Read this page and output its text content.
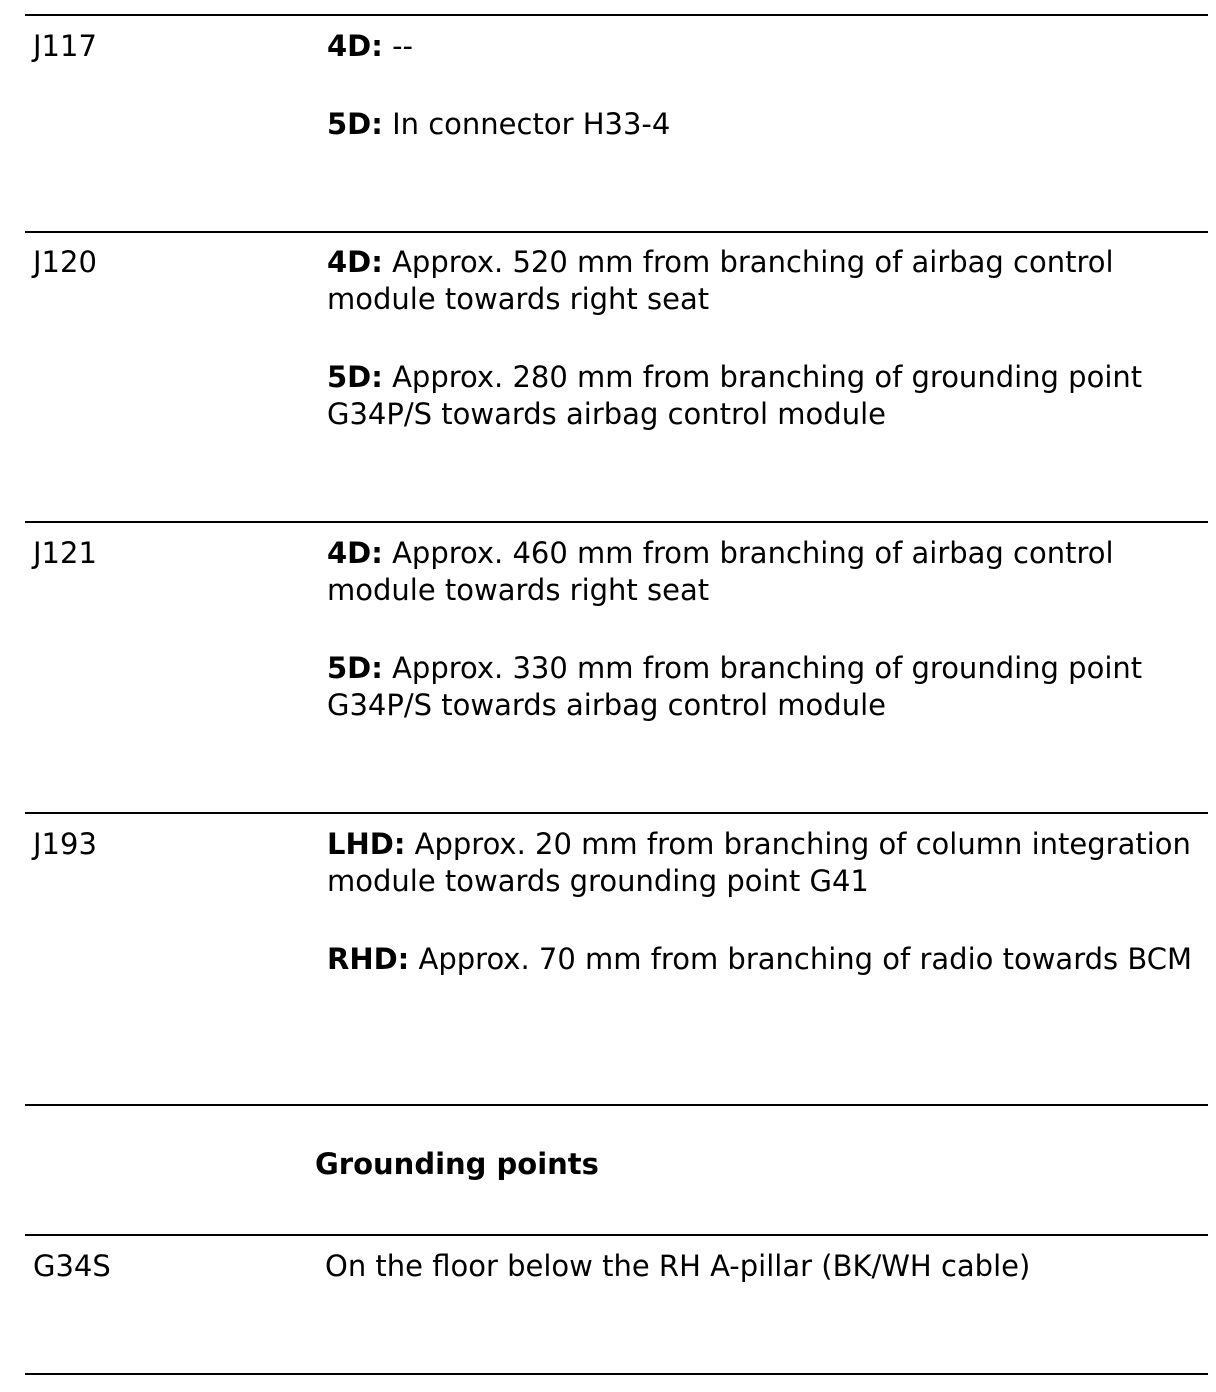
J117	4D: --
5D: In connector H33-4
J120	4D: Approx. 520 mm from branching of airbag control module towards right seat
5D: Approx. 280 mm from branching of grounding point G34P/S towards airbag control module
J121	4D: Approx. 460 mm from branching of airbag control module towards right seat
5D: Approx. 330 mm from branching of grounding point G34P/S towards airbag control module
J193	LHD: Approx. 20 mm from branching of column integration module towards grounding point G41
RHD: Approx. 70 mm from branching of radio towards BCM
Grounding points
G34S	On the floor below the RH A-pillar (BK/WH cable)
